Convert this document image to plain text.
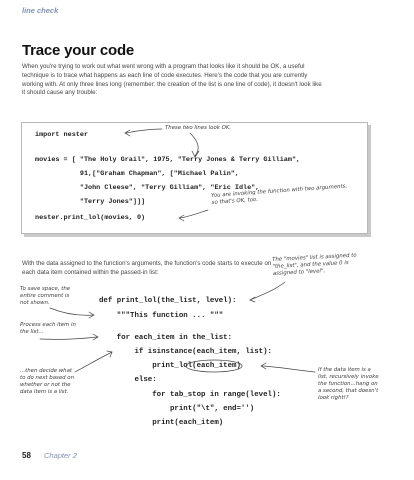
line check

Trace your code

When you're trying to work out what went wrong with a program that looks like it should be OK, a useful technique is to trace what happens as each line of code executes. Here's the code that you are currently working with. At only three lines long (remember: the creation of the list is one line of code), it doesn't look like it should cause any trouble:

import nester
movies = [ "The Holy Grail", 1975, "Terry Jones & Terry Gilliam",
91,["Graham Chapman", ["Michael Palin",
"John Cleese", "Terry Gilliam", "Eric Idle",
"Terry Jones"]]]
nester.print_lol(movies, 0)
These two lines look OK.
You are invoking the function with two arguments,
so that's OK, too.

With the data assigned to the function's arguments, the function's code starts to execute on each data item contained within the passed-in list:

The "movies" list is assigned to
"the_list", and the value 0 is
assigned to "level".
To save space, the
entire comment is
not shown.
Process each item in
the list...
...then decide what
to do next based on
whether or not the
data item is a list.
If the data item is a
list, recursively invoke
the function...hang on
a second, that doesn't
look right!?
def print_lol(the_list, level):
"""This function ... """
for each_item in the_list:
if isinstance(each_item, list):
print_lol(each_item)
else:
for tab_stop in range(level):
print("\t", end='')
print(each_item)
58 Chapter 2
